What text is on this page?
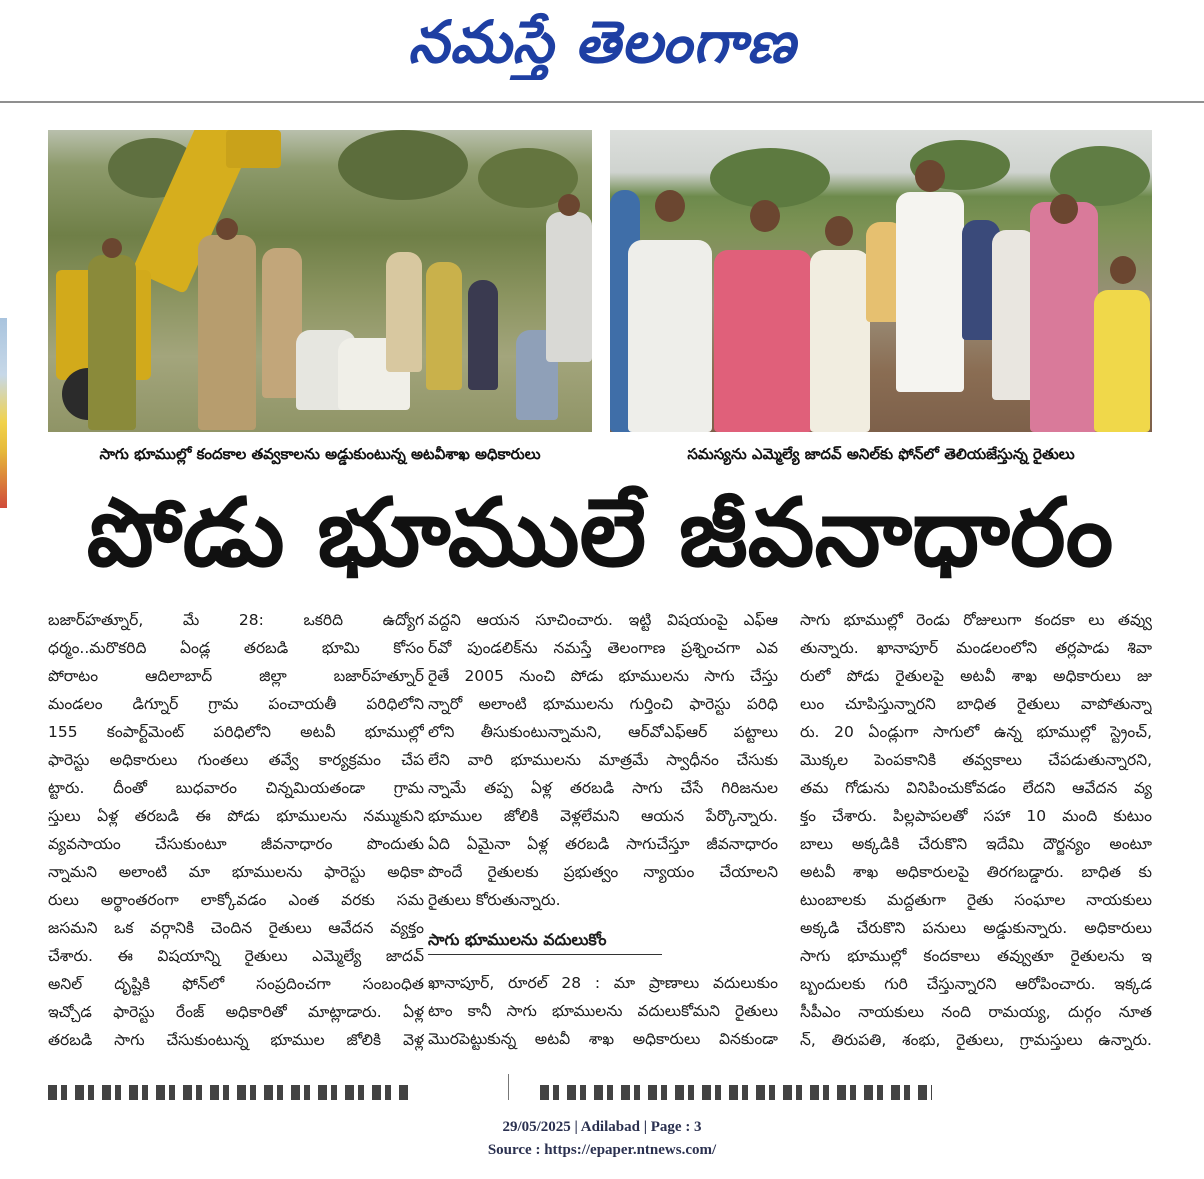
నమస్తే తెలంగాణ
సాగు భూముల్లో కందకాల తవ్వకాలను అడ్డుకుంటున్న అటవీశాఖ అధికారులు	సమస్యను ఎమ్మెల్యే జాదవ్ అనిల్‌కు ఫోన్‌లో తెలియజేస్తున్న రైతులు
పోడు భూములే జీవనాధారం
బజార్‌హత్నూర్, మే 28: ఒకరిది ఉద్యోగ
ధర్మం..మరొకరిది ఏండ్ల తరబడి భూమి కోసం
పోరాటం ఆదిలాబాద్ జిల్లా బజార్‌హత్నూర్
మండలం డిగ్నూర్ గ్రామ పంచాయతీ పరిధిలోని
155 కంపార్ట్‌మెంట్ పరిధిలోని అటవీ భూముల్లో
ఫారెస్టు అధికారులు గుంతలు తవ్వే కార్యక్రమం చేప
ట్టారు. దీంతో బుధవారం చిన్నమియతండా గ్రామ
స్తులు ఏళ్ల తరబడి ఈ పోడు భూములను నమ్ముకుని
వ్యవసాయం చేసుకుంటూ జీవనాధారం పొందుతు
న్నామని అలాంటి మా భూములను ఫారెస్టు అధికా
రులు అర్థాంతరంగా లాక్కోవడం ఎంత వరకు సమ
జసమని ఒక వర్గానికి చెందిన రైతులు ఆవేదన వ్యక్తం
చేశారు. ఈ విషయాన్ని రైతులు ఎమ్మెల్యే జాదవ్
అనిల్ దృష్టికి ఫోన్‌లో సంప్రదించగా సంబంధిత
ఇచ్చోడ ఫారెస్టు రేంజ్ అధికారితో మాట్లాడారు. ఏళ్ల
తరబడి సాగు చేసుకుంటున్న భూముల జోలికి వెళ్ల
వద్దని ఆయన సూచించారు. ఇట్టి విషయంపై ఎఫ్‌ఆ
ర్‌వో పుండలిక్‌ను నమస్తే తెలంగాణ ప్రశ్నించగా ఎవ
రైతే 2005 నుంచి పోడు భూములను సాగు చేస్తు
న్నారో అలాంటి భూములను గుర్తించి ఫారెస్టు పరిధి
లోని తీసుకుంటున్నామని, ఆర్‌వోఎఫ్‌ఆర్ పట్టాలు
లేని వారి భూములను మాత్రమే స్వాధీనం చేసుకు
న్నామే తప్ప ఏళ్ల తరబడి సాగు చేసే గిరిజనుల
భూముల జోలికి వెళ్లలేమని ఆయన పేర్కొన్నారు.
ఏది ఏమైనా ఏళ్ల తరబడి సాగుచేస్తూ జీవనాధారం
పొందే రైతులకు ప్రభుత్వం న్యాయం చేయాలని
రైతులు కోరుతున్నారు.
సాగు భూములను వదులుకోం
ఖానాపూర్, రూరల్ 28 : మా ప్రాణాలు వదులుకుం
టాం కానీ సాగు భూములను వదులుకోమని రైతులు
మొరపెట్టుకున్న అటవీ శాఖ అధికారులు వినకుండా
సాగు భూముల్లో రెండు రోజులుగా కందకా లు తవ్వు
తున్నారు. ఖానాపూర్ మండలంలోని తర్లపాడు శివా
రులో పోడు రైతులపై అటవీ శాఖ అధికారులు జు
లుం చూపిస్తున్నారని బాధిత రైతులు వాపోతున్నా
రు. 20 ఏండ్లుగా సాగులో ఉన్న భూముల్లో స్ట్రెంచ్,
మొక్కల పెంపకానికి తవ్వకాలు చేపడుతున్నారని,
తమ గోడును వినిపించుకోవడం లేదని ఆవేదన వ్య
క్తం చేశారు. పిల్లపాపలతో సహా 10 మంది కుటుం
బాలు అక్కడికి చేరుకొని ఇదేమి దౌర్జన్యం అంటూ
అటవీ శాఖ అధికారులపై తిరగబడ్డారు. బాధిత కు
టుంబాలకు మద్దతుగా రైతు సంఘాల నాయకులు
అక్కడి చేరుకొని పనులు అడ్డుకున్నారు. అధికారులు
సాగు భూముల్లో కందకాలు తవ్వుతూ రైతులను ఇ
బ్బందులకు గురి చేస్తున్నారని ఆరోపించారు. ఇక్కడ
సీపీఎం నాయకులు నంది రామయ్య, దుర్గం నూత
న్, తిరుపతి, శంభు, రైతులు, గ్రామస్తులు ఉన్నారు.
29/05/2025 | Adilabad | Page : 3
Source : https://epaper.ntnews.com/
